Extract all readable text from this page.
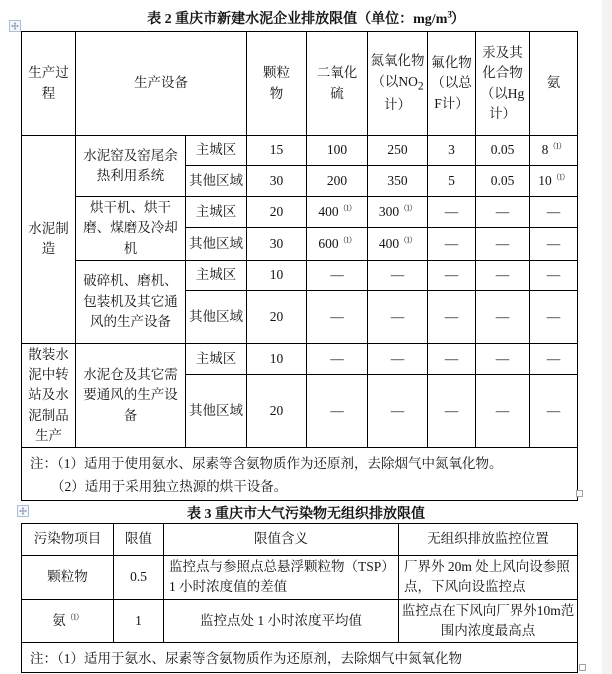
表 2 重庆市新建水泥企业排放限值（单位：$mg/m^3$）
生产过程	生产设备		颗粒物	二氧化硫	氮氧化物（以$NO_2$计）	氟化物（以总F计）	汞及其化合物（以Hg计）	氨
水泥制造	水泥窑及窑尾余热利用系统	主城区	15	100	250	3	0.05	$8^{(1)}$
		其他区域	30	200	350	5	0.05	$10^{(1)}$
	烘干机、烘干磨、煤磨及冷却机	主城区	20	$400^{(1)}$	$300^{(1)}$	—	—	—
		其他区域	30	$600^{(1)}$	$400^{(1)}$	—	—	—
	破碎机、磨机、包装机及其它通风的生产设备	主城区	10	—	—	—	—	—
		其他区域	20	—	—	—	—	—
散装水泥中转站及水泥制品生产	水泥仓及其它需要通风的生产设备	主城区	10	—	—	—	—	—
		其他区域	20	—	—	—	—	—

注：（1）适用于使用氨水、尿素等含氨物质作为还原剂，去除烟气中氮氧化物。
（2）适用于采用独立热源的烘干设备。								
表 3 重庆市大气污染物无组织排放限值
污染物项目	限值	限值含义	无组织排放监控位置
颗粒物	0.5	监控点与参照点总悬浮颗粒物（TSP）1 小时浓度值的差值	厂界外 20m 处上风向设参照点，下风向设监控点
氨$^{(1)}$	1	监控点处 1 小时浓度平均值	监控点在下风向厂界外10m范围内浓度最高点
注：（1）适用于氨水、尿素等含氨物质作为还原剂，去除烟气中氮氧化物			
